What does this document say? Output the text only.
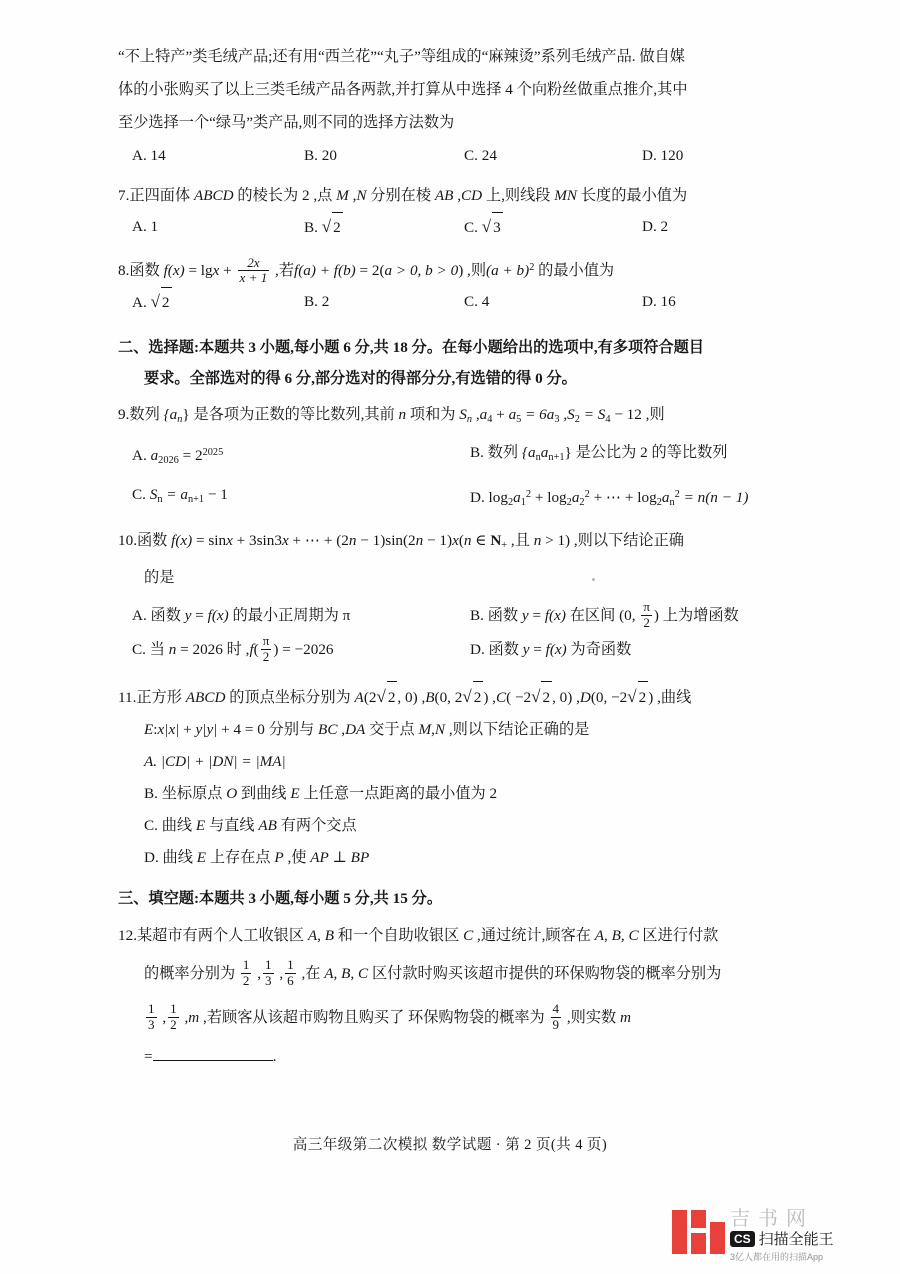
“不上特产”类毛绒产品;还有用“西兰花”“丸子”等组成的“麻辣烫”系列毛绒产品. 做自媒
体的小张购买了以上三类毛绒产品各两款,并打算从中选择 4 个向粉丝做重点推介,其中
至少选择一个“绿马”类产品,则不同的选择方法数为
A. 14	B. 20	C. 24	D. 120
7.正四面体 ABCD 的棱长为 2 ,点 M ,N 分别在棱 AB ,CD 上,则线段 MN 长度的最小值为
A. 1	B. √ 2	C. √ 3	D. 2
8.函数 $f(x) = \lg x + \frac{2x}{x + 1}$ ,若f(a) + f(b) = 2(a > 0, b > 0) ,则$(a + b)^2$ 的最小值为
A. √ 2	B. 2	C. 4	D. 16
二、选择题:本题共 3 小题,每小题 6 分,共 18 分。在每小题给出的选项中,有多项符合题目
要求。全部选对的得 6 分,部分选对的得部分分,有选错的得 0 分。
9.数列 $\{a_n\}$ 是各项为正数的等比数列,其前 n 项和为 $S_n$ $,a_4 + a_5 = 6a_3$ $,S_2 = S_4 - 12$ ,则
A. $a_{2026} = 2^{2025}$	B. 数列 $\{a_na_{n+1}\}$ 是公比为 2 的等比数列
C. $S_n = a_{n+1} - 1$	D. $\log_2a_1^2 + \log_2a_2^2$ + ⋯ + $\log_2a_n^2 = n(n - 1)$
10.函数 f(x) = sinx + 3sin3x + ⋯ + (2n − 1)sin(2n − 1)x(n ∈ $N_+$ ,且 n > 1) ,则以下结论正确
的是
A. 函数 y = f(x) 的最小正周期为 π	B. 函数 y = f(x) 在区间 (0, $\frac{\pi}{2}$ ) 上为增函数
C. 当 n = 2026 时 $,f( \frac{\pi}{2}$ ) = −2026	D. 函数 y = f(x) 为奇函数
11.正方形 ABCD 的顶点坐标分别为 A(2√ 2 , 0) ,B(0, 2√ 2 ) ,C( −2√ 2 , 0) ,D(0, −2√ 2 ) ,曲线
E:x|x| + y|y| + 4 = 0 分别与 BC ,DA 交于点 M,N ,则以下结论正确的是
A. |CD| + |DN| = |MA|
B. 坐标原点 O 到曲线 E 上任意一点距离的最小值为 2
C. 曲线 E 与直线 AB 有两个交点
D. 曲线 E 上存在点 P ,使 AP ⊥ BP
三、填空题:本题共 3 小题,每小题 5 分,共 15 分。
12.某超市有两个人工收银区 A, B 和一个自助收银区 C ,通过统计,顾客在 A, B, C 区进行付款
的概率分别为 $\frac{1}{2}$ , $\frac{1}{3}$ , $\frac{1}{6}$ ,在 A, B, C 区付款时购买该超市提供的环保购物袋的概率分别为
$\frac{1}{3}$ , $\frac{1}{2} ,m$ ,若顾客从该超市购物且购买了 环保购物袋的概率为 $\frac{4}{9}$ ,则实数 m
=	.
高三年级第二次模拟 数学试题 · 第 2 页(共 4 页)
吉 书 网
CS 扫描全能王
3亿人都在用的扫描App
